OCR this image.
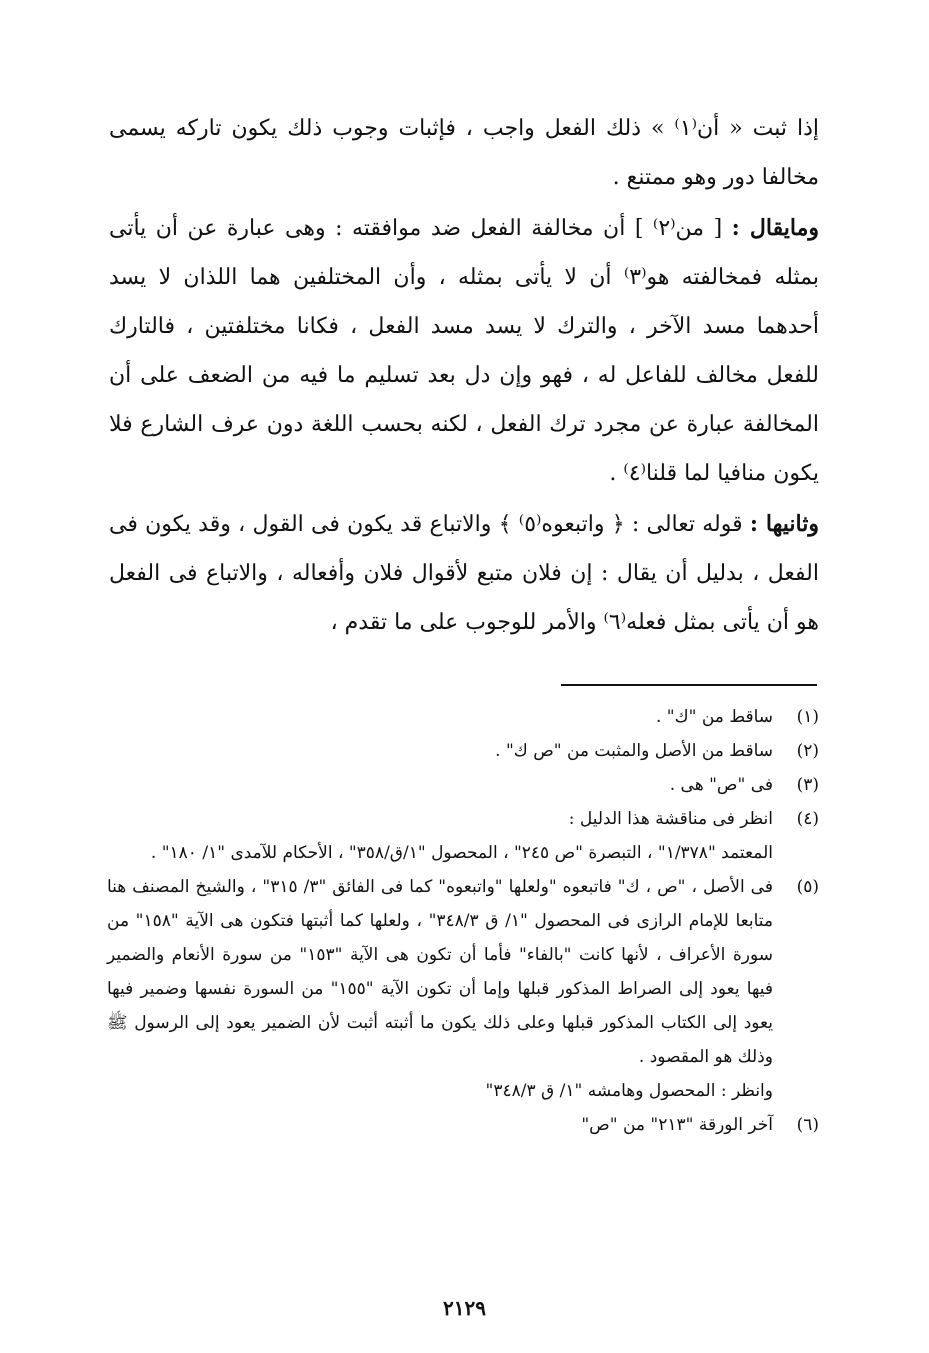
إذا ثبت « أن⁽١⁾ » ذلك الفعل واجب ، فإثبات وجوب ذلك يكون تاركه يسمى مخالفا دور وهو ممتنع .

ومايقال : [ من⁽٢⁾ ] أن مخالفة الفعل ضد موافقته : وهى عبارة عن أن يأتى بمثله فمخالفته هو⁽٣⁾ أن لا يأتى بمثله ، وأن المختلفين هما اللذان لا يسد أحدهما مسد الآخر ، والترك لا يسد مسد الفعل ، فكانا مختلفتين ، فالتارك للفعل مخالف للفاعل له ، فهو وإن دل بعد تسليم ما فيه من الضعف على أن المخالفة عبارة عن مجرد ترك الفعل ، لكنه بحسب اللغة دون عرف الشارع فلا يكون منافيا لما قلنا⁽٤⁾ .

وثانيها : قوله تعالى : ﴿ واتبعوه⁽٥⁾ ﴾ والاتباع قد يكون فى القول ، وقد يكون فى الفعل ، بدليل أن يقال : إن فلان متبع لأقوال فلان وأفعاله ، والاتباع فى الفعل هو أن يأتى بمثل فعله⁽٦⁾ والأمر للوجوب على ما تقدم ،

(١)
ساقط من "ك" .
(٢)
ساقط من الأصل والمثبت من "ص ك" .
(٣)
فى "ص" هى .
(٤)
انظر فى مناقشة هذا الدليل :
المعتمد "١/٣٧٨" ، التبصرة "ص ٢٤٥" ، المحصول "١/ق/٣٥٨" ، الأحكام للآمدى "١/ ١٨٠" .
(٥)
فى الأصل ، "ص ، ك" فاتبعوه "ولعلها "واتبعوه" كما فى الفائق "٣/ ٣١٥" ، والشيخ المصنف هنا متابعا للإمام الرازى فى المحصول "١/ ق ٣٤٨/٣" ، ولعلها كما أثبتها فتكون هى الآية "١٥٨" من سورة الأعراف ، لأنها كانت "بالفاء" فأما أن تكون هى الآية "١٥٣" من سورة الأنعام والضمير فيها يعود إلى الصراط المذكور قبلها وإما أن تكون الآية "١٥٥" من السورة نفسها وضمير فيها يعود إلى الكتاب المذكور قبلها وعلى ذلك يكون ما أثبته أثبت لأن الضمير يعود إلى الرسول ﷺ وذلك هو المقصود .
وانظر : المحصول وهامشه "١/ ق ٣٤٨/٣"
(٦)
آخر الورقة "٢١٣" من "ص"
٢١٢٩
